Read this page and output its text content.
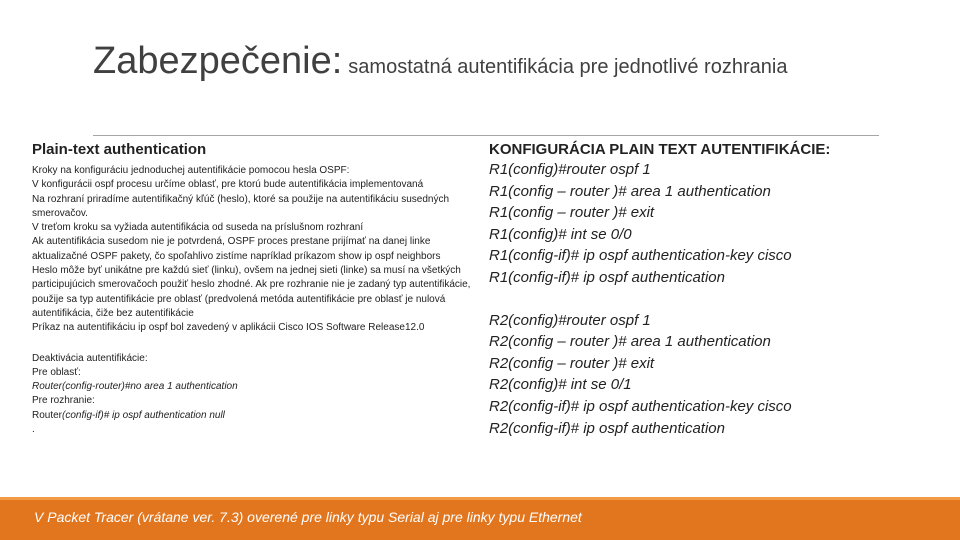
Zabezpečenie: samostatná autentifikácia pre jednotlivé rozhrania
Plain-text authentication

Kroky na konfiguráciu jednoduchej autentifikácie pomocou hesla OSPF:

V konfigurácii ospf procesu určíme oblasť, pre ktorú bude autentifikácia implementovaná

Na rozhraní priradíme autentifikačný kľúč (heslo), ktoré sa použije na autentifikáciu susedných smerovačov.

V treťom kroku sa vyžiada autentifikácia od suseda na príslušnom rozhraní

Ak autentifikácia susedom nie je potvrdená, OSPF proces prestane prijímať na danej linke aktualizačné OSPF pakety, čo spoľahlivo zistíme napríklad príkazom show ip ospf neighbors

Heslo môže byť unikátne pre každú sieť (linku), ovšem na jednej sieti (linke) sa musí na všetkých participujúcich smerovačoch použiť heslo zhodné. Ak pre rozhranie nie je zadaný typ autentifikácie, použije sa typ autentifikácie pre oblasť (predvolená metóda autentifikácie pre oblasť je nulová autentifikácia, čiže bez autentifikácie

Príkaz na autentifikáciu ip ospf bol zavedený v aplikácii Cisco IOS Software Release12.0

Deaktivácia autentifikácie:

Pre oblasť:

Router(config-router)#no area 1 authentication

Pre rozhranie:

Router(config-if)# ip ospf authentication null

.

KONFIGURÁCIA PLAIN TEXT AUTENTIFIKÁCIE:

R1(config)#router ospf 1

R1(config – router )# area 1 authentication

R1(config – router )# exit

R1(config)# int se 0/0

R1(config-if)# ip ospf authentication-key cisco

R1(config-if)# ip ospf authentication

R2(config)#router ospf 1

R2(config – router )# area 1 authentication

R2(config – router )# exit

R2(config)# int se 0/1

R2(config-if)# ip ospf authentication-key cisco

R2(config-if)# ip ospf authentication

V Packet Tracer (vrátane ver. 7.3) overené pre linky typu Serial aj pre linky typu Ethernet
